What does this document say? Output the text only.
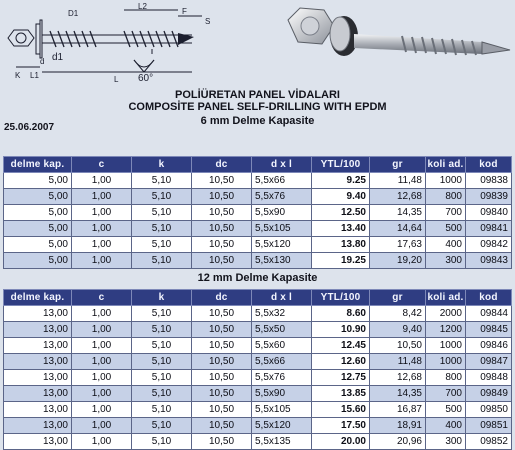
D1
L2
F
S
d d1
60°
K L1	L
POLİÜRETAN PANEL VİDALARI
COMPOSİTE PANEL SELF-DRILLING WITH EPDM
6 mm Delme Kapasite
25.06.2007
delme kap.	c	k	dc	d x l	YTL/100	gr	koli ad.	kod
5,00	1,00	5,10	10,50	5,5x66	9.25	11,48	1000	09838
5,00	1,00	5,10	10,50	5,5x76	9.40	12,68	800	09839
5,00	1,00	5,10	10,50	5,5x90	12.50	14,35	700	09840
5,00	1,00	5,10	10,50	5,5x105	13.40	14,64	500	09841
5,00	1,00	5,10	10,50	5,5x120	13.80	17,63	400	09842
5,00	1,00	5,10	10,50	5,5x130	19.25	19,20	300	09843
12 mm Delme Kapasite
delme kap.	c	k	dc	d x l	YTL/100	gr	koli ad.	kod
13,00	1,00	5,10	10,50	5,5x32	8.60	8,42	2000	09844
13,00	1,00	5,10	10,50	5,5x50	10.90	9,40	1200	09845
13,00	1,00	5,10	10,50	5,5x60	12.45	10,50	1000	09846
13,00	1,00	5,10	10,50	5,5x66	12.60	11,48	1000	09847
13,00	1,00	5,10	10,50	5,5x76	12.75	12,68	800	09848
13,00	1,00	5,10	10,50	5,5x90	13.85	14,35	700	09849
13,00	1,00	5,10	10,50	5,5x105	15.60	16,87	500	09850
13,00	1,00	5,10	10,50	5,5x120	17.50	18,91	400	09851
13,00	1,00	5,10	10,50	5,5x135	20.00	20,96	300	09852
